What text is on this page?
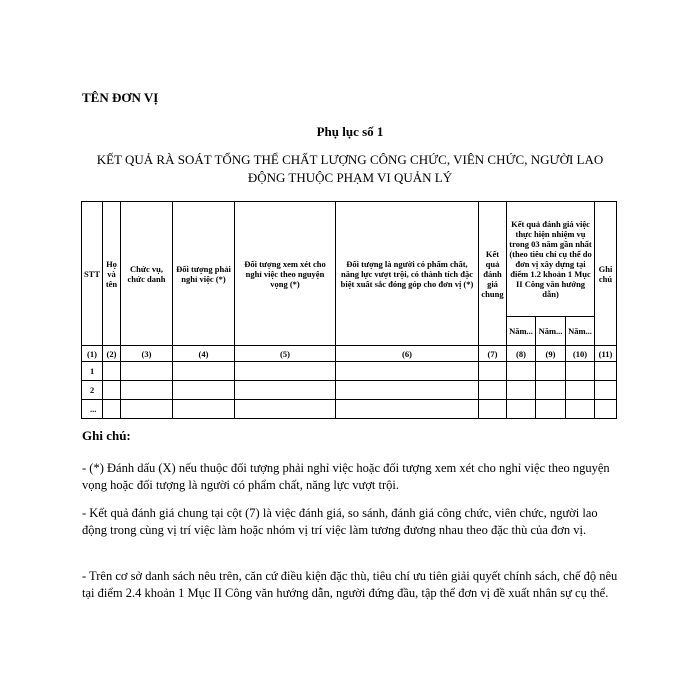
TÊN ĐƠN VỊ
Phụ lục số 1
KẾT QUẢ RÀ SOÁT TỔNG THỂ CHẤT LƯỢNG CÔNG CHỨC, VIÊN CHỨC, NGƯỜI LAO ĐỘNG THUỘC PHẠM VI QUẢN LÝ
STT	Họ và tên	Chức vụ, chức danh	Đối tượng phải nghỉ việc (*)	Đối tượng xem xét cho nghỉ việc theo nguyện vọng (*)	Đối tượng là người có phẩm chất, năng lực vượt trội, có thành tích đặc biệt xuất sắc đóng góp cho đơn vị (*)	Kết quả đánh giá chung	Kết quả đánh giá việc thực hiện nhiệm vụ trong 03 năm gần nhất (theo tiêu chí cụ thể do đơn vị xây dựng tại điểm 1.2 khoản 1 Mục II Công văn hướng dẫn)			Ghi chú
							Năm...	Năm...	Năm...	
(1)	(2)	(3)	(4)	(5)	(6)	(7)	(8)	(9)	(10)	(11)
1										
2										
...										
Ghi chú:
- (*) Đánh dấu (X) nếu thuộc đối tượng phải nghỉ việc hoặc đối tượng xem xét cho nghỉ việc theo nguyện vọng hoặc đối tượng là người có phẩm chất, năng lực vượt trội.
- Kết quả đánh giá chung tại cột (7) là việc đánh giá, so sánh, đánh giá công chức, viên chức, người lao động trong cùng vị trí việc làm hoặc nhóm vị trí việc làm tương đương nhau theo đặc thù của đơn vị.
- Trên cơ sở danh sách nêu trên, căn cứ điều kiện đặc thù, tiêu chí ưu tiên giải quyết chính sách, chế độ nêu tại điểm 2.4 khoản 1 Mục II Công văn hướng dẫn, người đứng đầu, tập thể đơn vị đề xuất nhân sự cụ thể.
